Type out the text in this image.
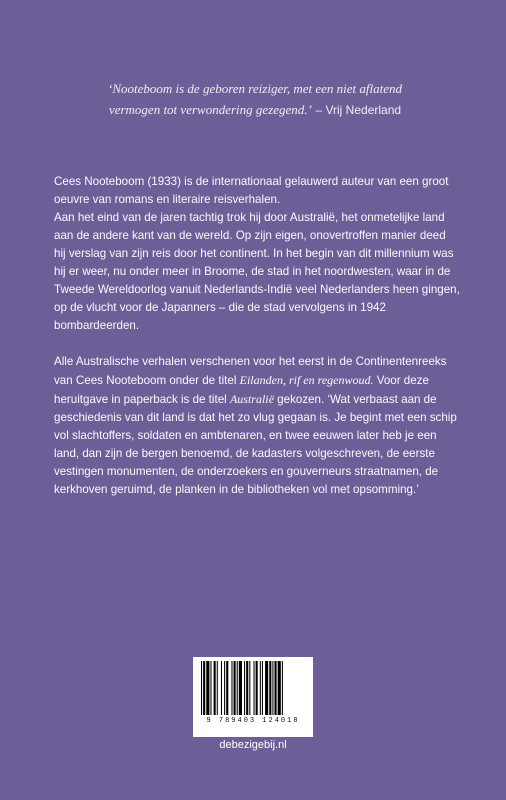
‘Nooteboom is de geboren reiziger, met een niet aflatend
vermogen tot verwondering gezegend.’ – Vrij Nederland

Cees Nooteboom (1933) is de internationaal gelauwerd auteur van een groot oeuvre van romans en literaire reisverhalen.

Aan het eind van de jaren tachtig trok hij door Australië, het onmetelijke land aan de andere kant van de wereld. Op zijn eigen, onovertroffen manier deed hij verslag van zijn reis door het continent. In het begin van dit millennium was hij er weer, nu onder meer in Broome, de stad in het noordwesten, waar in de Tweede Wereldoorlog vanuit Nederlands-Indië veel Nederlanders heen gingen, op de vlucht voor de Japanners – die de stad vervolgens in 1942 bombardeerden.

Alle Australische verhalen verschenen voor het eerst in de Continentenreeks van Cees Nooteboom onder de titel Eilanden, rif en regenwoud. Voor deze heruitgave in paperback is de titel Australië gekozen. ‘Wat verbaast aan de geschiedenis van dit land is dat het zo vlug gegaan is. Je begint met een schip vol slachtoffers, soldaten en ambtenaren, en twee eeuwen later heb je een land, dan zijn de bergen benoemd, de kadasters volgeschreven, de eerste vestingen monumenten, de onderzoekers en gouverneurs straatnamen, de kerkhoven geruimd, de planken in de bibliotheken vol met opsomming.’

9 789403 124018
debezigebij.nl
